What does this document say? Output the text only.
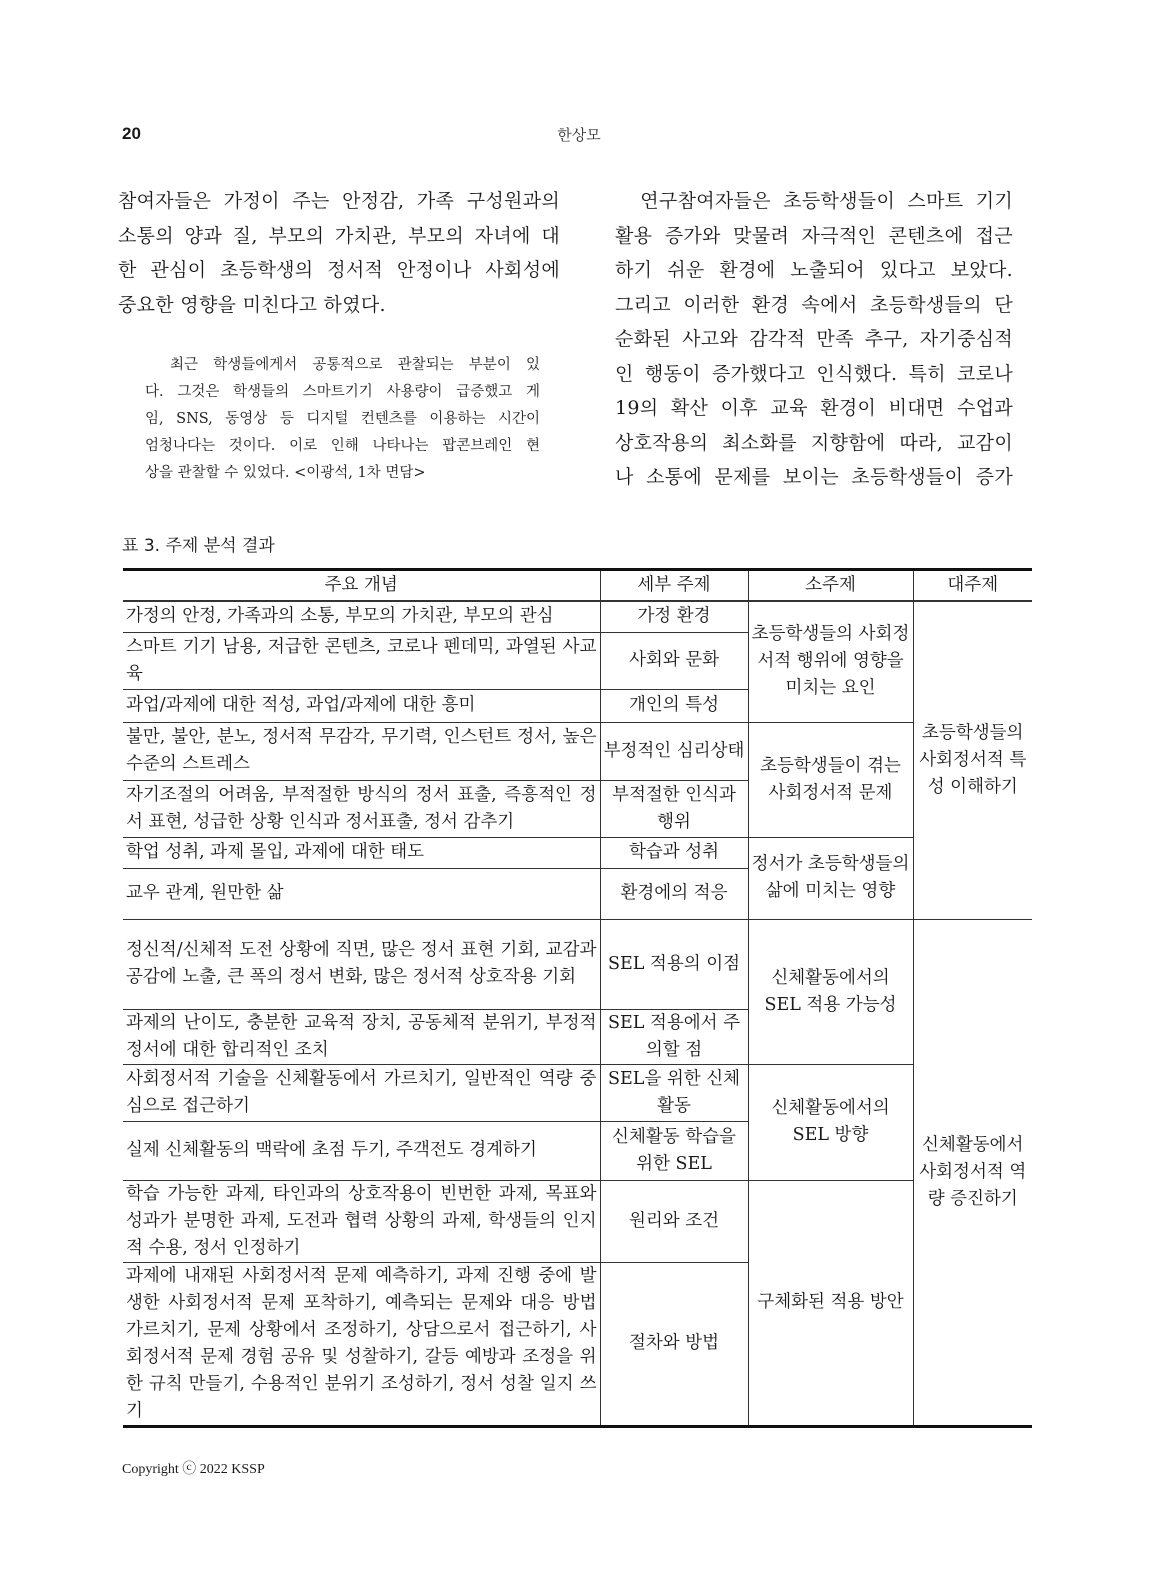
20	한상모
참여자들은 가정이 주는 안정감, 가족 구성원과의
소통의 양과 질, 부모의 가치관, 부모의 자녀에 대
한 관심이 초등학생의 정서적 안정이나 사회성에
중요한 영향을 미친다고 하였다.
　최근 학생들에게서 공통적으로 관찰되는 부분이 있
다. 그것은 학생들의 스마트기기 사용량이 급증했고 게
임, SNS, 동영상 등 디지털 컨텐츠를 이용하는 시간이
엄청나다는 것이다. 이로 인해 나타나는 팝콘브레인 현
상을 관찰할 수 있었다. <이광석, 1차 면담>
　연구참여자들은 초등학생들이 스마트 기기
활용 증가와 맞물려 자극적인 콘텐츠에 접근
하기 쉬운 환경에 노출되어 있다고 보았다.
그리고 이러한 환경 속에서 초등학생들의 단
순화된 사고와 감각적 만족 추구, 자기중심적
인 행동이 증가했다고 인식했다. 특히 코로나
19의 확산 이후 교육 환경이 비대면 수업과
상호작용의 최소화를 지향함에 따라, 교감이
나 소통에 문제를 보이는 초등학생들이 증가
표 3. 주제 분석 결과
주요 개념	세부 주제	소주제	대주제
가정의 안정, 가족과의 소통, 부모의 가치관, 부모의 관심	가정 환경	초등학생들의 사회정서적 행위에 영향을 미치는 요인	초등학생들의 사회정서적 특성 이해하기
스마트 기기 남용, 저급한 콘텐츠, 코로나 펜데믹, 과열된 사교육	사회와 문화		
과업/과제에 대한 적성, 과업/과제에 대한 흥미	개인의 특성		
불만, 불안, 분노, 정서적 무감각, 무기력, 인스턴트 정서, 높은 수준의 스트레스	부정적인 심리상태	초등학생들이 겪는 사회정서적 문제	
자기조절의 어려움, 부적절한 방식의 정서 표출, 즉흥적인 정서 표현, 성급한 상황 인식과 정서표출, 정서 감추기	부적절한 인식과 행위		
학업 성취, 과제 몰입, 과제에 대한 태도	학습과 성취	정서가 초등학생들의 삶에 미치는 영향	
교우 관계, 원만한 삶	환경에의 적응		
정신적/신체적 도전 상황에 직면, 많은 정서 표현 기회, 교감과 공감에 노출, 큰 폭의 정서 변화, 많은 정서적 상호작용 기회	SEL 적용의 이점	신체활동에서의 SEL 적용 가능성	신체활동에서 사회정서적 역량 증진하기
과제의 난이도, 충분한 교육적 장치, 공동체적 분위기, 부정적 정서에 대한 합리적인 조치	SEL 적용에서 주의할 점		
사회정서적 기술을 신체활동에서 가르치기, 일반적인 역량 중심으로 접근하기	SEL을 위한 신체활동	신체활동에서의 SEL 방향	
실제 신체활동의 맥락에 초점 두기, 주객전도 경계하기	신체활동 학습을 위한 SEL		
학습 가능한 과제, 타인과의 상호작용이 빈번한 과제, 목표와 성과가 분명한 과제, 도전과 협력 상황의 과제, 학생들의 인지적 수용, 정서 인정하기	원리와 조건	구체화된 적용 방안	
과제에 내재된 사회정서적 문제 예측하기, 과제 진행 중에 발생한 사회정서적 문제 포착하기, 예측되는 문제와 대응 방법 가르치기, 문제 상황에서 조정하기, 상담으로서 접근하기, 사회정서적 문제 경험 공유 및 성찰하기, 갈등 예방과 조정을 위한 규칙 만들기, 수용적인 분위기 조성하기, 정서 성찰 일지 쓰기	절차와 방법		
Copyright ⓒ 2022 KSSP
